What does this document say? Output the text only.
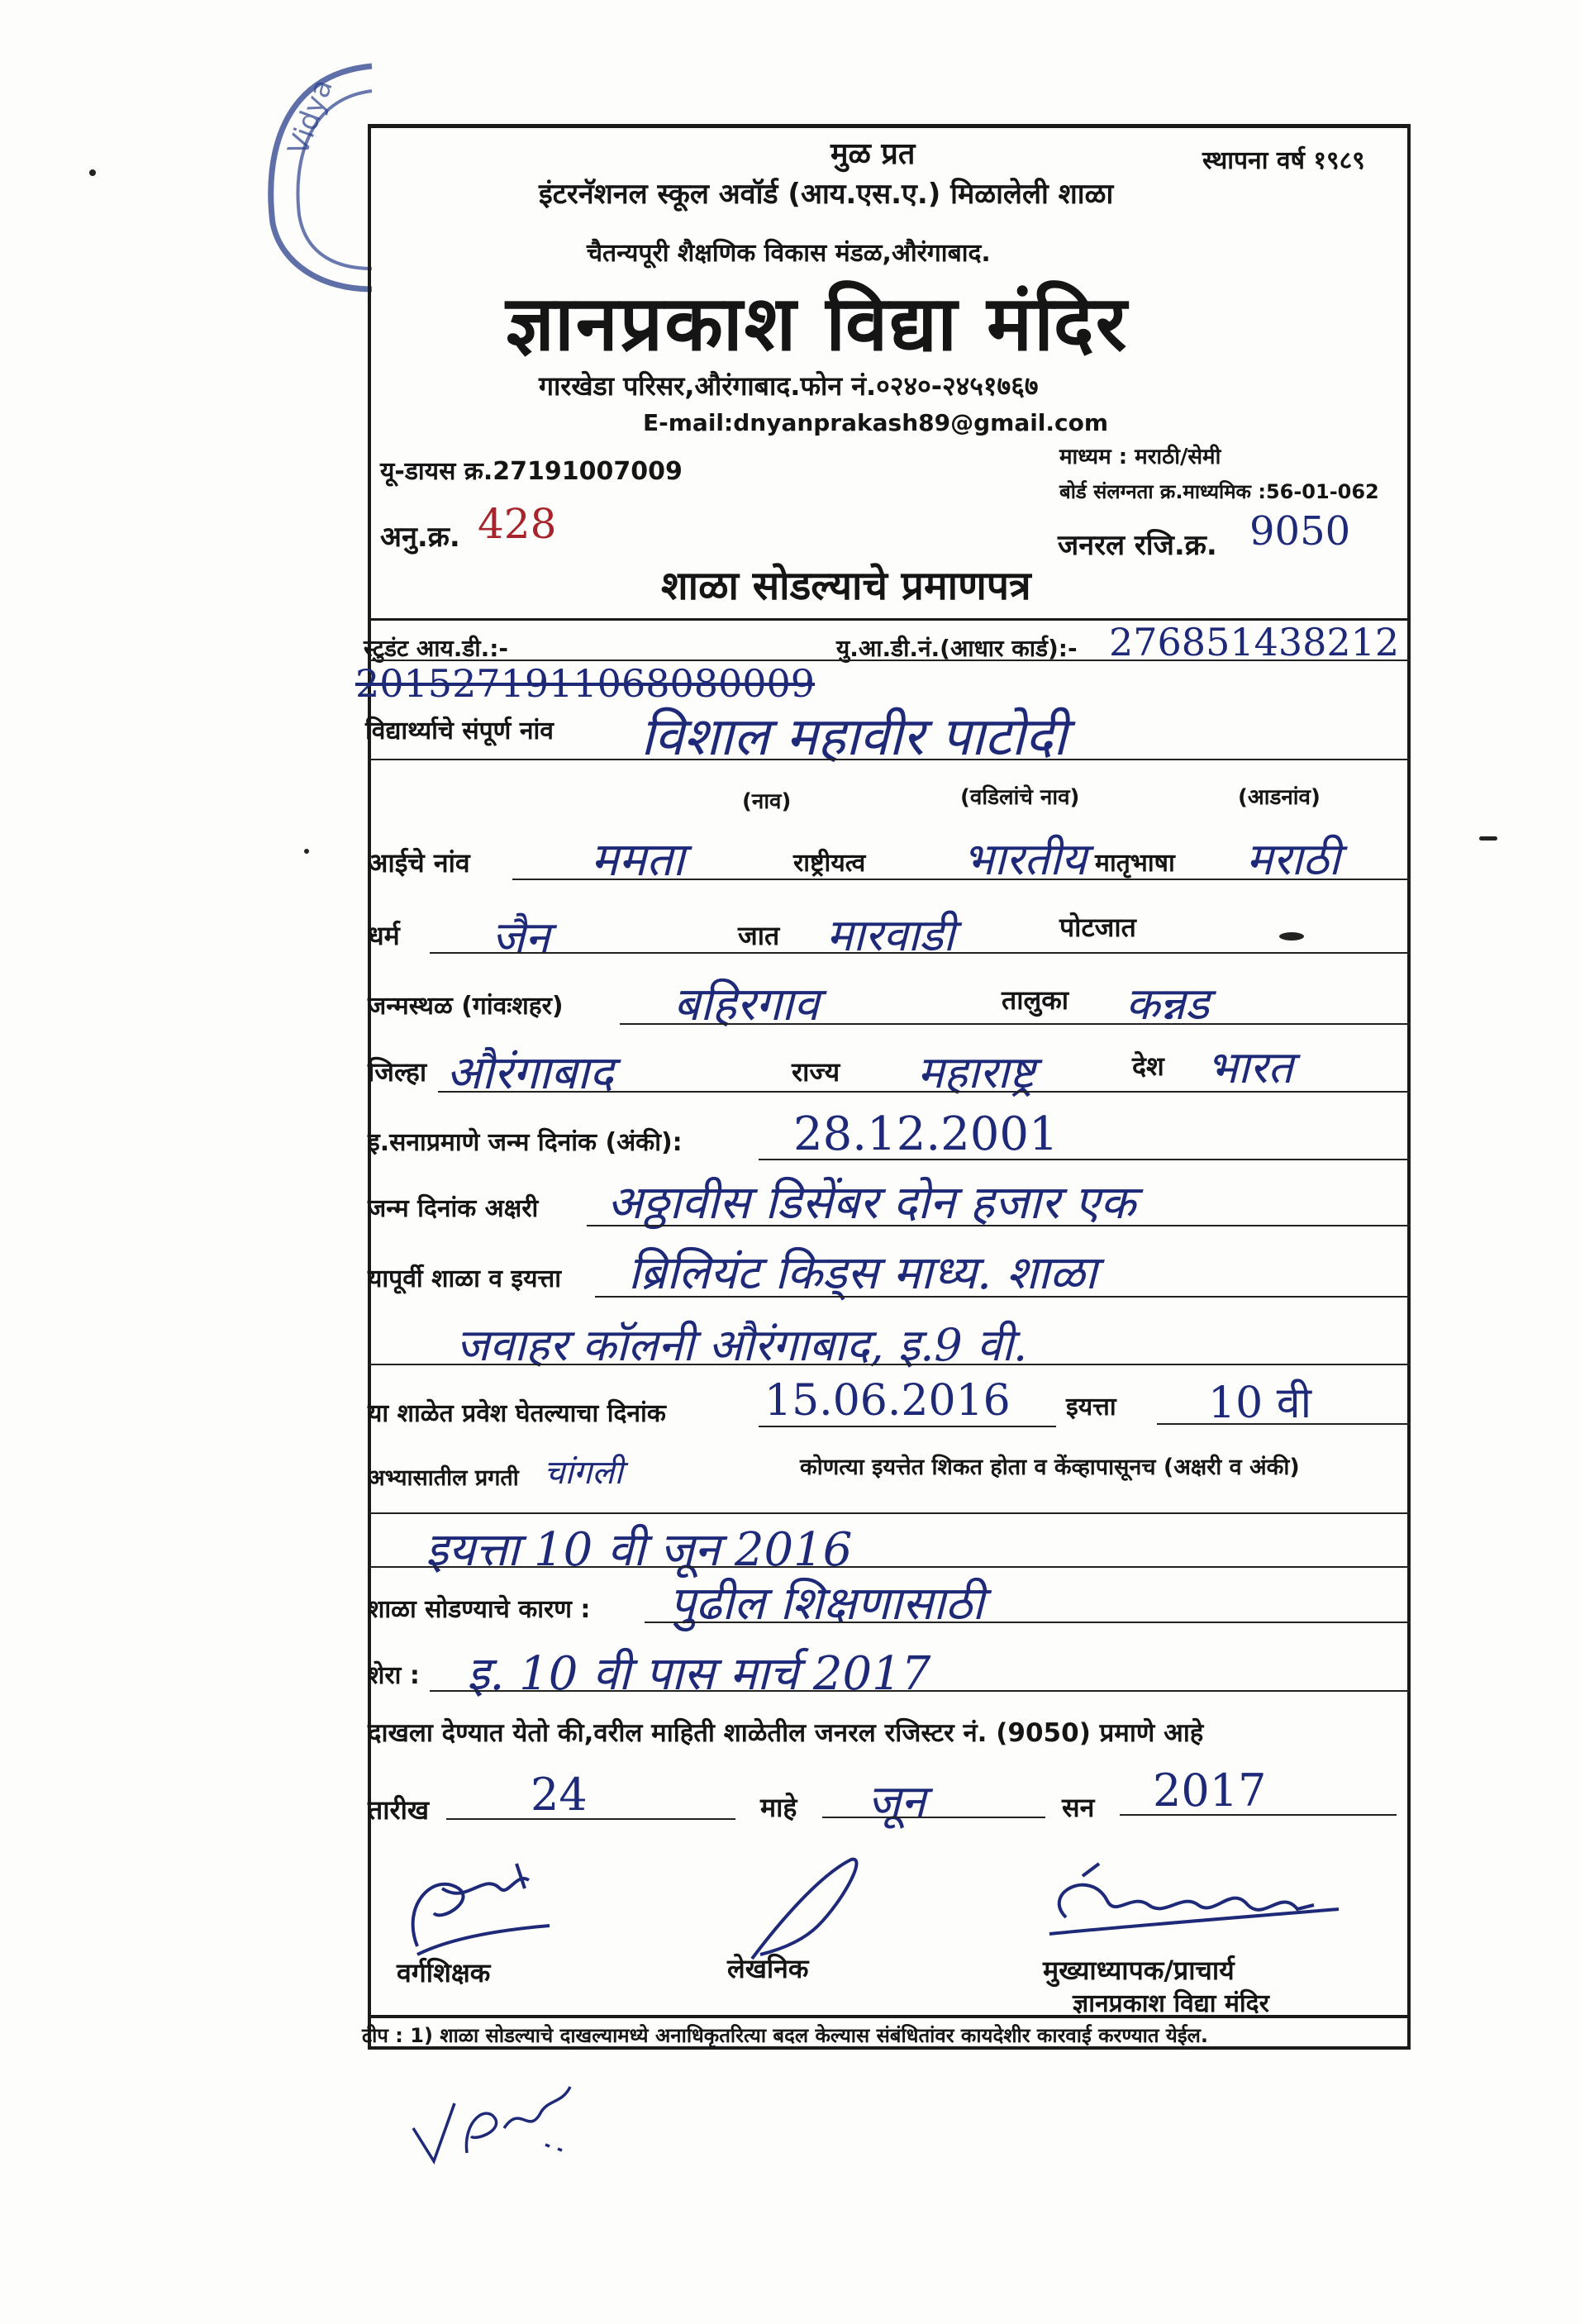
Vidya	मुळ प्रत	स्थापना वर्ष १९८९
इंटरनॅशनल स्कूल अवॉर्ड (आय.एस.ए.) मिळालेली शाळा
चैतन्यपूरी शैक्षणिक विकास मंडळ,औरंगाबाद.
ज्ञानप्रकाश विद्या मंदिर
गारखेडा परिसर,औरंगाबाद.फोन नं.०२४०-२४५१७६७
E-mail:dnyanprakash89@gmail.com
यू-डायस क्र.27191007009	माध्यम : मराठी/सेमी
बोर्ड संलग्नता क्र.माध्यमिक :56-01-062
अनु.क्र. 428	जनरल रजि.क्र. 9050
शाळा सोडल्याचे प्रमाणपत्र
स्टुडंट आय.डी.:-
2015271911068080009
यु.आ.डी.नं.(आधार कार्ड):- 276851438212
विद्यार्थ्याचे संपूर्ण नांव विशाल महावीर पाटोदी
(नाव)	(वडिलांचे नाव)	(आडनांव)
आईचे नांव	ममता	राष्ट्रीयत्व भारतीय मातृभाषा मराठी
धर्म जैन	जात मारवाडी	पोटजात
जन्मस्थळ (गांवःशहर) बहिरगाव	तालुका कन्नड
जिल्हा औरंगाबाद	राज्य महाराष्ट्र	देश भारत
इ.सनाप्रमाणे जन्म दिनांक (अंकी): 28.12.2001
जन्म दिनांक अक्षरी अठ्ठावीस डिसेंबर दोन हजार एक
यापूर्वी शाळा व इयत्ता ब्रिलियंट किड्स माध्य. शाळा
जवाहर कॉलनी औरंगाबाद, इ.9 वी.
या शाळेत प्रवेश घेतल्याचा दिनांक 15.06.2016 इयत्ता 10 वी
अभ्यासातील प्रगती चांगली	कोणत्या इयत्तेत शिकत होता व केंव्हापासूनच (अक्षरी व अंकी)
इयत्ता 10 वी जून 2016
शाळा सोडण्याचे कारण : पुढील शिक्षणासाठी
शेरा : इ. 10 वी पास मार्च 2017
दाखला देण्यात येतो की,वरील माहिती शाळेतील जनरल रजिस्टर नं. (9050) प्रमाणे आहे
तारीख 24	माहे जून	सन 2017
वर्गशिक्षक	लेखनिक	मुख्याध्यापक/प्राचार्य
ज्ञानप्रकाश विद्या मंदिर
टीप : 1) शाळा सोडल्याचे दाखल्यामध्ये अनाधिकृतरित्या बदल केल्यास संबंधितांवर कायदेशीर कारवाई करण्यात येईल.
